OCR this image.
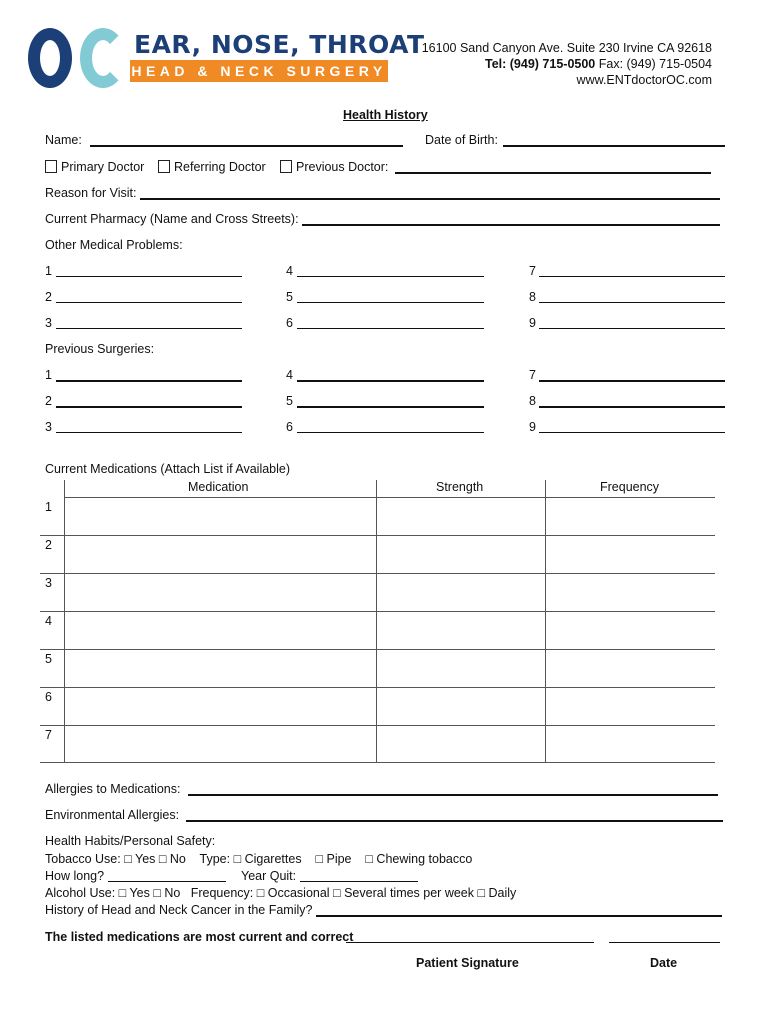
EAR, NOSE, THROAT
HEAD & NECK SURGERY
16100 Sand Canyon Ave. Suite 230 Irvine CA 92618
Tel: (949) 715-0500 Fax: (949) 715-0504
www.ENTdoctorOC.com
Health History
Name:	Date of Birth:
Primary Doctor	Referring Doctor	Previous Doctor:
Reason for Visit:
Current Pharmacy (Name and Cross Streets):
Other Medical Problems:
1	4	7
2	5	8
3	6	9
Previous Surgeries:
1	4	7
2	5	8
3	6	9
Current Medications (Attach List if Available)
Medication	Strength	Frequency
1
2
3
4
5
6
7
Allergies to Medications:
Environmental Allergies:
Health Habits/Personal Safety:
Tobacco Use: □ Yes □ No    Type: □ Cigarettes    □ Pipe    □ Chewing tobacco
How long?	Year Quit:
Alcohol Use: □ Yes □ No   Frequency: □ Occasional □ Several times per week □ Daily
History of Head and Neck Cancer in the Family?
The listed medications are most current and correct
Patient Signature	Date
